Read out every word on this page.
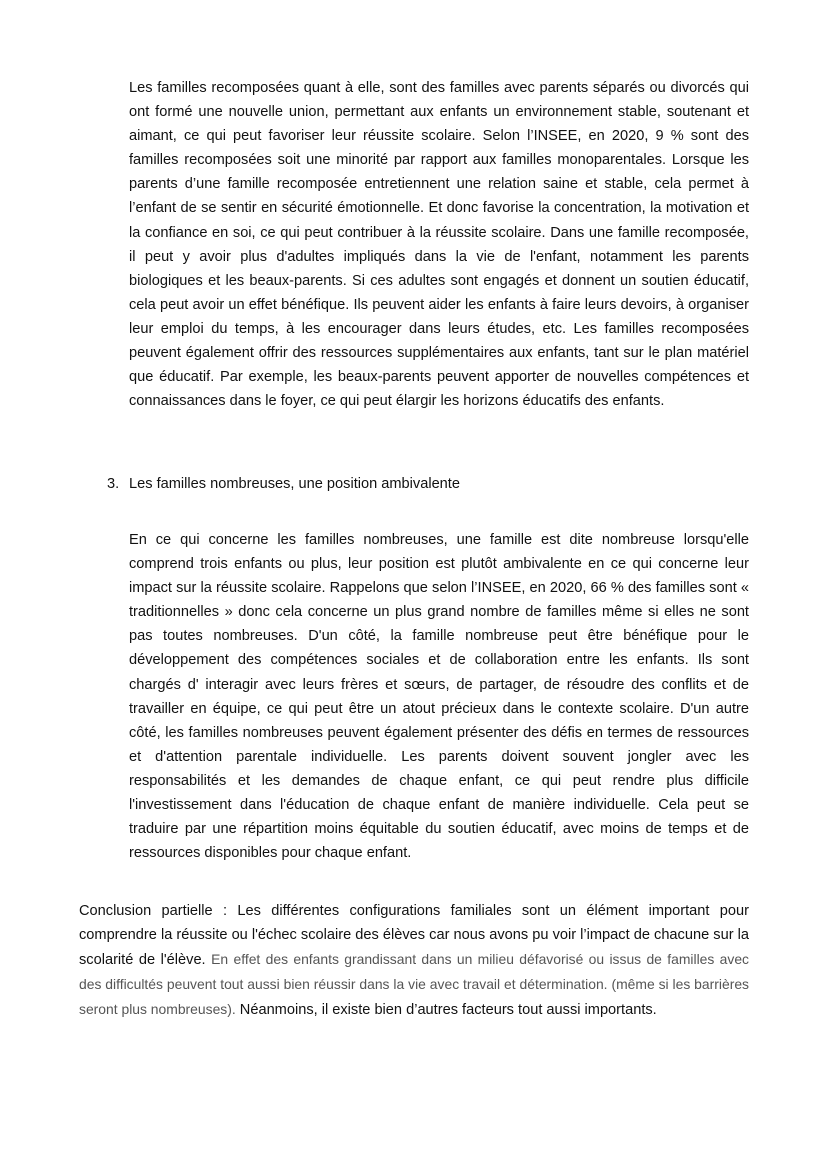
Les familles recomposées quant à elle, sont des familles avec parents séparés ou divorcés qui ont formé une nouvelle union, permettant aux enfants un environnement stable, soutenant et aimant, ce qui peut favoriser leur réussite scolaire. Selon l’INSEE, en 2020, 9 % sont des familles recomposées soit une minorité par rapport aux familles monoparentales. Lorsque les parents d’une famille recomposée entretiennent une relation saine et stable, cela permet à l’enfant de se sentir en sécurité émotionnelle. Et donc favorise la concentration, la motivation et la confiance en soi, ce qui peut contribuer à la réussite scolaire. Dans une famille recomposée, il peut y avoir plus d'adultes impliqués dans la vie de l'enfant, notamment les parents biologiques et les beaux-parents. Si ces adultes sont engagés et donnent un soutien éducatif, cela peut avoir un effet bénéfique. Ils peuvent aider les enfants à faire leurs devoirs, à organiser leur emploi du temps, à les encourager dans leurs études, etc. Les familles recomposées peuvent également offrir des ressources supplémentaires aux enfants, tant sur le plan matériel que éducatif. Par exemple, les beaux-parents peuvent apporter de nouvelles compétences et connaissances dans le foyer, ce qui peut élargir les horizons éducatifs des enfants.

3. Les familles nombreuses, une position ambivalente

En ce qui concerne les familles nombreuses, une famille est dite nombreuse lorsqu'elle comprend trois enfants ou plus, leur position est plutôt ambivalente en ce qui concerne leur impact sur la réussite scolaire. Rappelons que selon l’INSEE, en 2020, 66 % des familles sont « traditionnelles » donc cela concerne un plus grand nombre de familles même si elles ne sont pas toutes nombreuses. D'un côté, la famille nombreuse peut être bénéfique pour le développement des compétences sociales et de collaboration entre les enfants. Ils sont chargés d' interagir avec leurs frères et sœurs, de partager, de résoudre des conflits et de travailler en équipe, ce qui peut être un atout précieux dans le contexte scolaire. D'un autre côté, les familles nombreuses peuvent également présenter des défis en termes de ressources et d'attention parentale individuelle. Les parents doivent souvent jongler avec les responsabilités et les demandes de chaque enfant, ce qui peut rendre plus difficile l'investissement dans l'éducation de chaque enfant de manière individuelle. Cela peut se traduire par une répartition moins équitable du soutien éducatif, avec moins de temps et de ressources disponibles pour chaque enfant.

Conclusion partielle : Les différentes configurations familiales sont un élément important pour comprendre la réussite ou l'échec scolaire des élèves car nous avons pu voir l’impact de chacune sur la scolarité de l'élève. En effet des enfants grandissant dans un milieu défavorisé ou issus de familles avec des difficultés peuvent tout aussi bien réussir dans la vie avec travail et détermination. (même si les barrières seront plus nombreuses). Néanmoins, il existe bien d’autres facteurs tout aussi importants.
